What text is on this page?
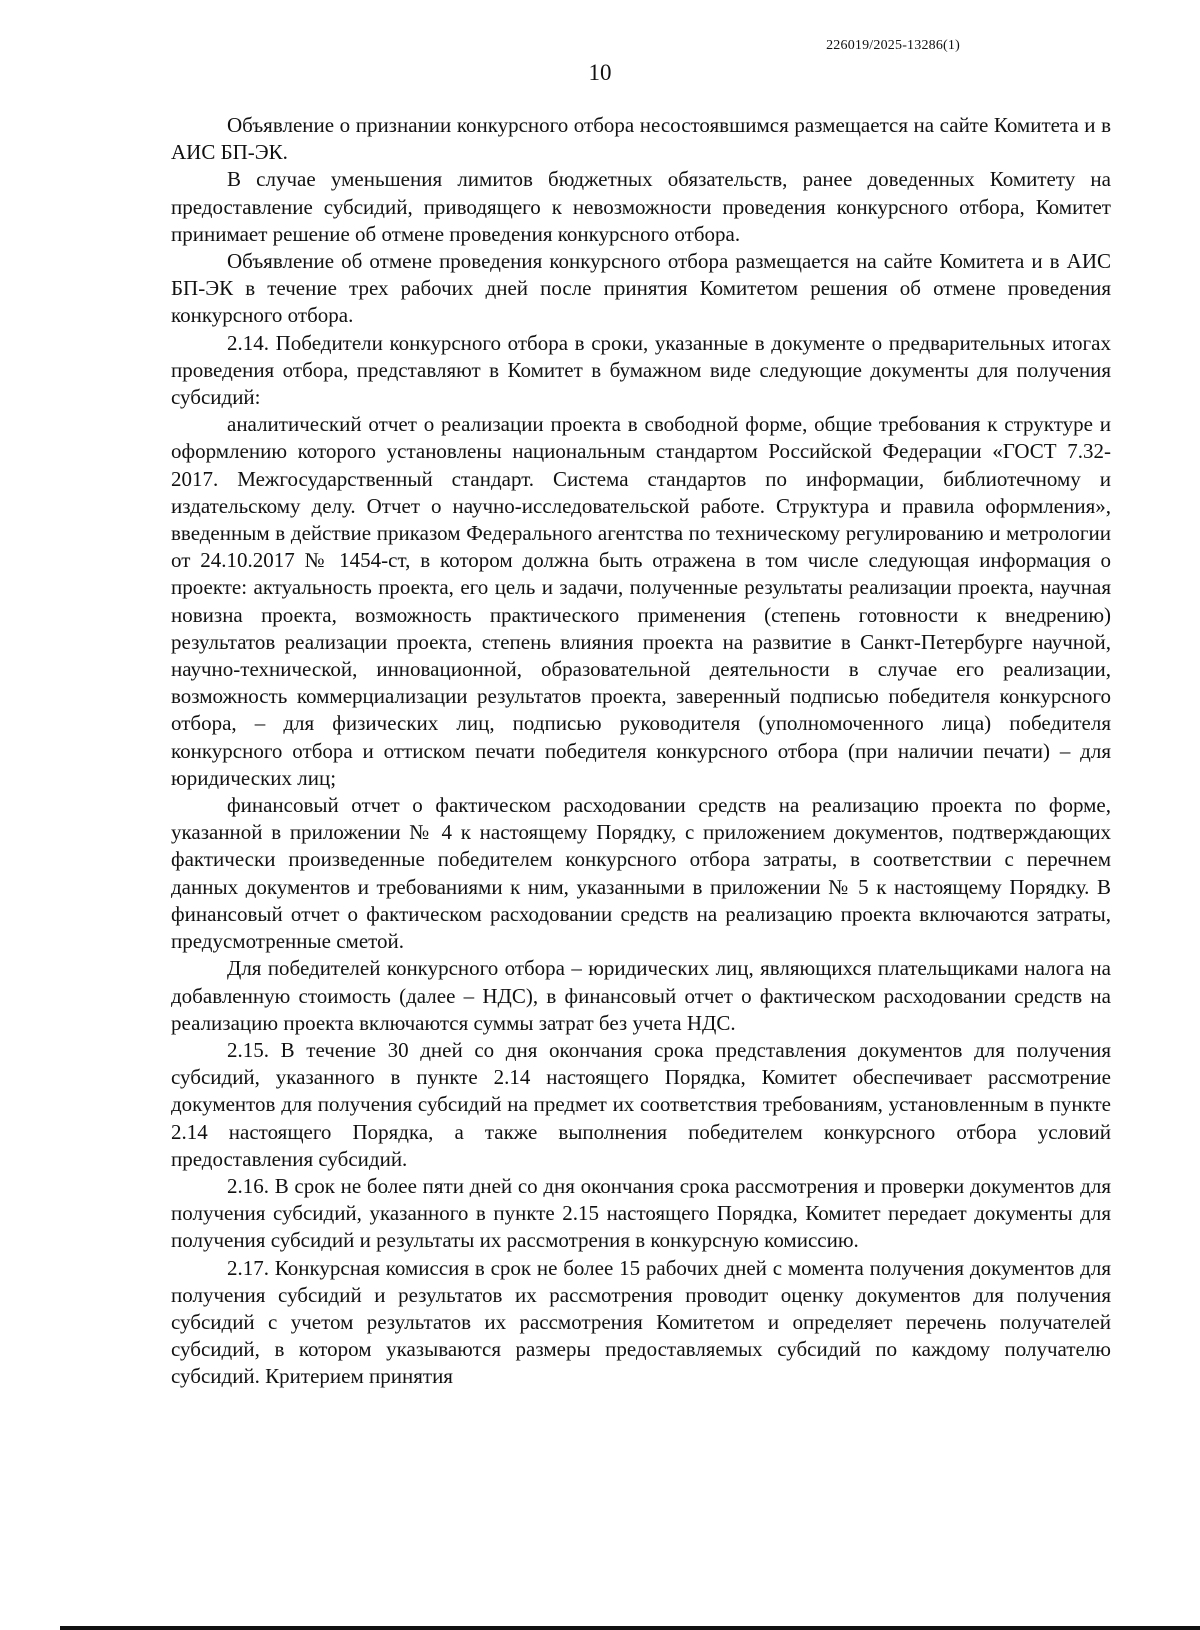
226019/2025-13286(1)
10

Объявление о признании конкурсного отбора несостоявшимся размещается на сайте Комитета и в АИС БП-ЭК.

В случае уменьшения лимитов бюджетных обязательств, ранее доведенных Комитету на предоставление субсидий, приводящего к невозможности проведения конкурсного отбора, Комитет принимает решение об отмене проведения конкурсного отбора.

Объявление об отмене проведения конкурсного отбора размещается на сайте Комитета и в АИС БП-ЭК в течение трех рабочих дней после принятия Комитетом решения об отмене проведения конкурсного отбора.

2.14. Победители конкурсного отбора в сроки, указанные в документе о предварительных итогах проведения отбора, представляют в Комитет в бумажном виде следующие документы для получения субсидий:

аналитический отчет о реализации проекта в свободной форме, общие требования к структуре и оформлению которого установлены национальным стандартом Российской Федерации «ГОСТ 7.32-2017. Межгосударственный стандарт. Система стандартов по информации, библиотечному и издательскому делу. Отчет о научно-исследовательской работе. Структура и правила оформления», введенным в действие приказом Федерального агентства по техническому регулированию и метрологии от 24.10.2017 № 1454-ст, в котором должна быть отражена в том числе следующая информация о проекте: актуальность проекта, его цель и задачи, полученные результаты реализации проекта, научная новизна проекта, возможность практического применения (степень готовности к внедрению) результатов реализации проекта, степень влияния проекта на развитие в Санкт-Петербурге научной, научно-технической, инновационной, образовательной деятельности в случае его реализации, возможность коммерциализации результатов проекта, заверенный подписью победителя конкурсного отбора, – для физических лиц, подписью руководителя (уполномоченного лица) победителя конкурсного отбора и оттиском печати победителя конкурсного отбора (при наличии печати) – для юридических лиц;

финансовый отчет о фактическом расходовании средств на реализацию проекта по форме, указанной в приложении № 4 к настоящему Порядку, с приложением документов, подтверждающих фактически произведенные победителем конкурсного отбора затраты, в соответствии с перечнем данных документов и требованиями к ним, указанными в приложении № 5 к настоящему Порядку. В финансовый отчет о фактическом расходовании средств на реализацию проекта включаются затраты, предусмотренные сметой.

Для победителей конкурсного отбора – юридических лиц, являющихся плательщиками налога на добавленную стоимость (далее – НДС), в финансовый отчет о фактическом расходовании средств на реализацию проекта включаются суммы затрат без учета НДС.

2.15. В течение 30 дней со дня окончания срока представления документов для получения субсидий, указанного в пункте 2.14 настоящего Порядка, Комитет обеспечивает рассмотрение документов для получения субсидий на предмет их соответствия требованиям, установленным в пункте 2.14 настоящего Порядка, а также выполнения победителем конкурсного отбора условий предоставления субсидий.

2.16. В срок не более пяти дней со дня окончания срока рассмотрения и проверки документов для получения субсидий, указанного в пункте 2.15 настоящего Порядка, Комитет передает документы для получения субсидий и результаты их рассмотрения в конкурсную комиссию.

2.17. Конкурсная комиссия в срок не более 15 рабочих дней с момента получения документов для получения субсидий и результатов их рассмотрения проводит оценку документов для получения субсидий с учетом результатов их рассмотрения Комитетом и определяет перечень получателей субсидий, в котором указываются размеры предоставляемых субсидий по каждому получателю субсидий. Критерием принятия
